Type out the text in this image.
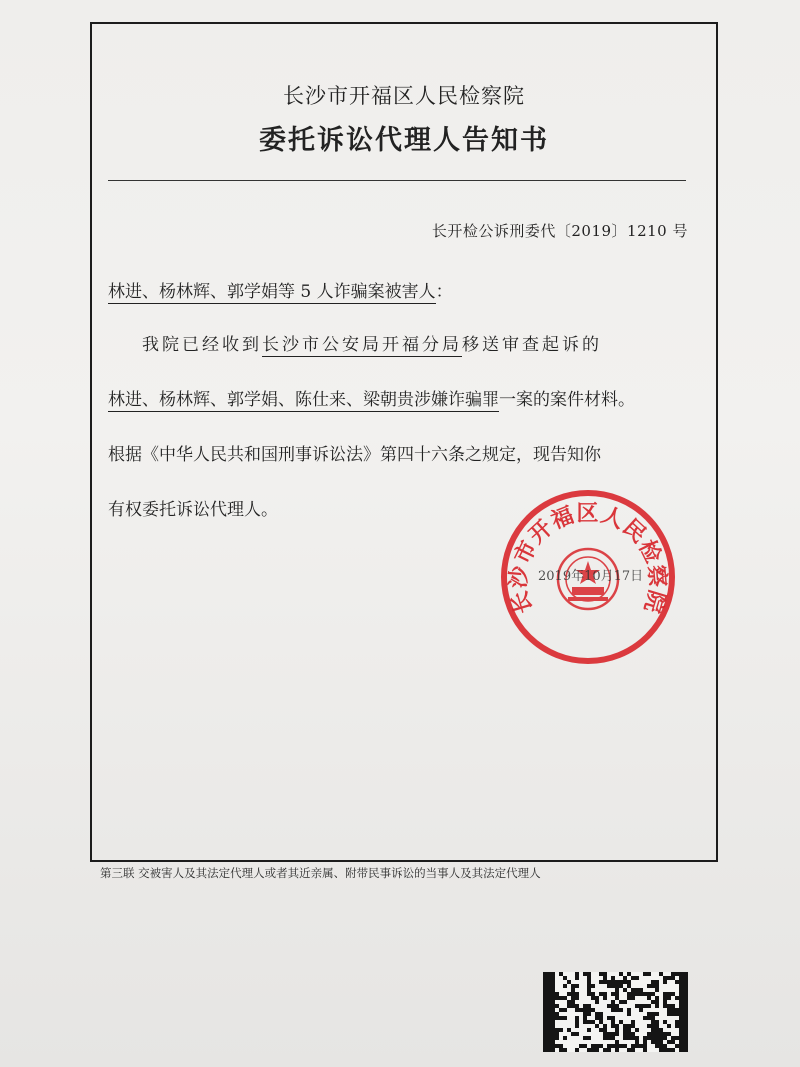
长沙市开福区人民检察院
委托诉讼代理人告知书
长开检公诉刑委代〔2019〕1210 号
林进、杨林辉、郭学娟等 5 人诈骗案被害人：
我院已经收到长沙市公安局开福分局移送审查起诉的
林进、杨林辉、郭学娟、陈仕来、梁朝贵涉嫌诈骗罪一案的案件材料。
根据《中华人民共和国刑事诉讼法》第四十六条之规定，现告知你
有权委托诉讼代理人。
长沙市开福区人民检察院
2019年10月17日
第三联 交被害人及其法定代理人或者其近亲属、附带民事诉讼的当事人及其法定代理人
